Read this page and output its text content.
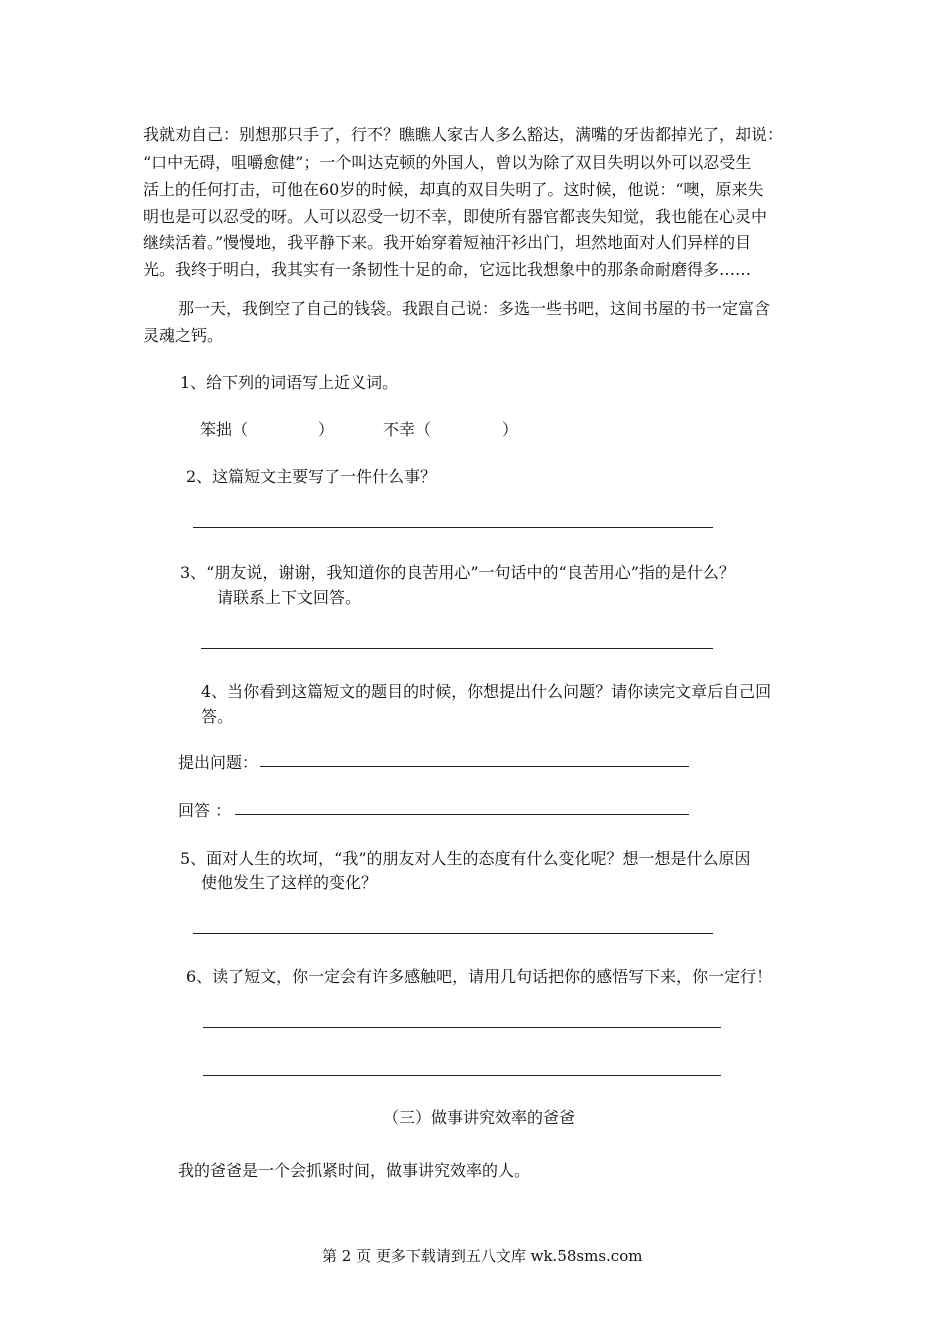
我就劝自己：别想那只手了，行不？瞧瞧人家古人多么豁达，满嘴的牙齿都掉光了，却说：
“口中无碍，咀嚼愈健”；一个叫达克顿的外国人，曾以为除了双目失明以外可以忍受生
活上的任何打击，可他在60岁的时候，却真的双目失明了。这时候，他说：“噢，原来失
明也是可以忍受的呀。人可以忍受一切不幸，即使所有器官都丧失知觉，我也能在心灵中
继续活着。”慢慢地，我平静下来。我开始穿着短袖汗衫出门，坦然地面对人们异样的目
光。我终于明白，我其实有一条韧性十足的命，它远比我想象中的那条命耐磨得多……
那一天，我倒空了自己的钱袋。我跟自己说：多选一些书吧，这间书屋的书一定富含
灵魂之钙。
1、给下列的词语写上近义词。
笨拙（	）	不幸（	）
2、这篇短文主要写了一件什么事？
3、“朋友说，谢谢，我知道你的良苦用心”一句话中的“良苦用心”指的是什么？
请联系上下文回答。
4、当你看到这篇短文的题目的时候，你想提出什么问题？请你读完文章后自己回
答。
提出问题：
回答 ：
5、面对人生的坎坷，“我”的朋友对人生的态度有什么变化呢？想一想是什么原因
使他发生了这样的变化？
6、读了短文，你一定会有许多感触吧，请用几句话把你的感悟写下来，你一定行！
（三）做事讲究效率的爸爸
我的爸爸是一个会抓紧时间，做事讲究效率的人。
第 2 页 更多下载请到五八文库 wk.58sms.com
